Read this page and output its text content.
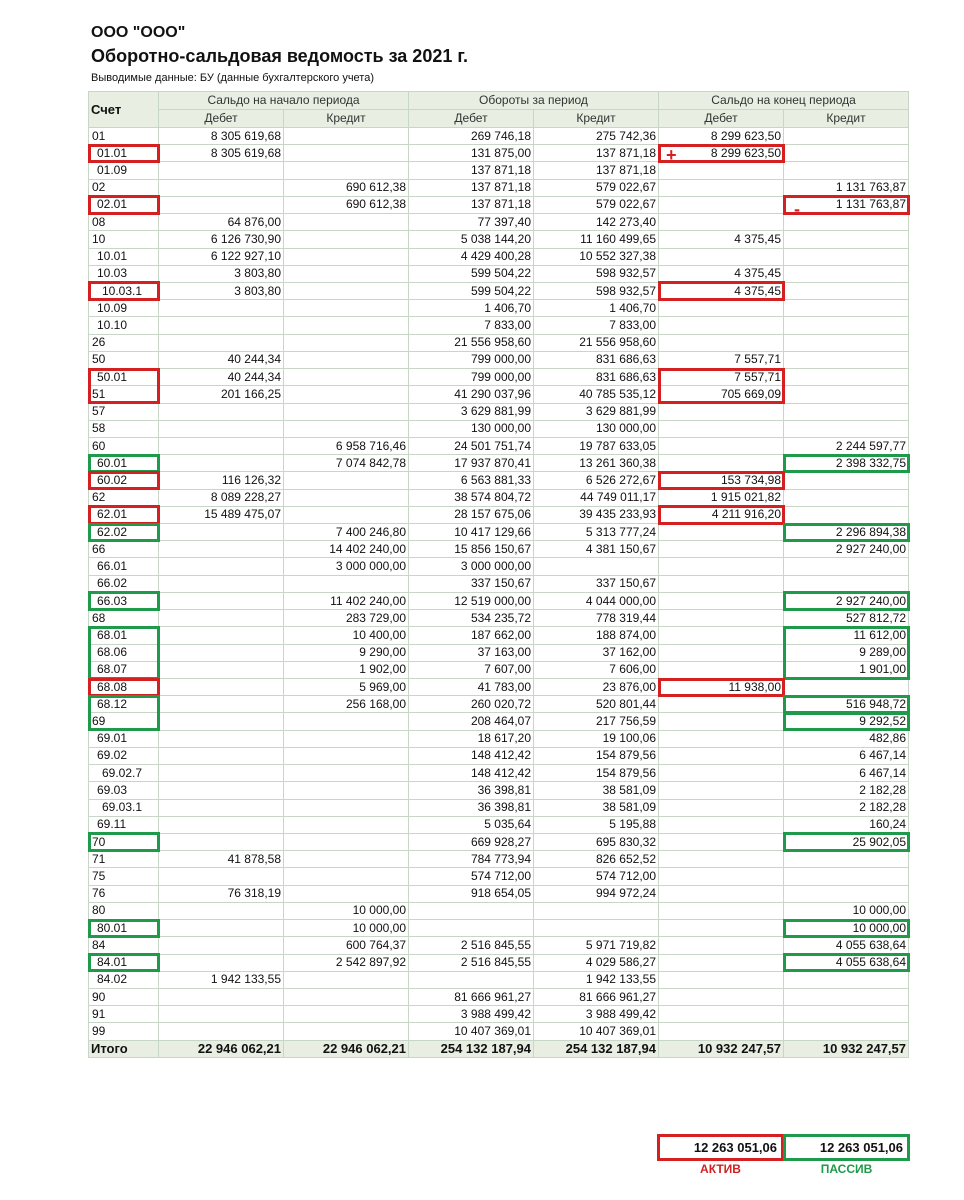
ООО "ООО"
Оборотно-сальдовая ведомость за 2021 г.
Выводимые данные: БУ (данные бухгалтерского учета)
Счет	Сальдо на начало периода		Обороты за период		Сальдо на конец периода	
	Дебет	Кредит	Дебет	Кредит	Дебет	Кредит
01	8 305 619,68		269 746,18	275 742,36	8 299 623,50	
01.01	8 305 619,68		131 875,00	137 871,18	8 299 623,50	
01.09			137 871,18	137 871,18		
02		690 612,38	137 871,18	579 022,67		1 131 763,87
02.01		690 612,38	137 871,18	579 022,67		1 131 763,87
08	64 876,00		77 397,40	142 273,40		
10	6 126 730,90		5 038 144,20	11 160 499,65	4 375,45	
10.01	6 122 927,10		4 429 400,28	10 552 327,38		
10.03	3 803,80		599 504,22	598 932,57	4 375,45	
10.03.1	3 803,80		599 504,22	598 932,57	4 375,45	
10.09			1 406,70	1 406,70		
10.10			7 833,00	7 833,00		
26			21 556 958,60	21 556 958,60		
50	40 244,34		799 000,00	831 686,63	7 557,71	
50.01	40 244,34		799 000,00	831 686,63	7 557,71	
51	201 166,25		41 290 037,96	40 785 535,12	705 669,09	
57			3 629 881,99	3 629 881,99		
58			130 000,00	130 000,00		
60		6 958 716,46	24 501 751,74	19 787 633,05		2 244 597,77
60.01		7 074 842,78	17 937 870,41	13 261 360,38		2 398 332,75
60.02	116 126,32		6 563 881,33	6 526 272,67	153 734,98	
62	8 089 228,27		38 574 804,72	44 749 011,17	1 915 021,82	
62.01	15 489 475,07		28 157 675,06	39 435 233,93	4 211 916,20	
62.02		7 400 246,80	10 417 129,66	5 313 777,24		2 296 894,38
66		14 402 240,00	15 856 150,67	4 381 150,67		2 927 240,00
66.01		3 000 000,00	3 000 000,00			
66.02			337 150,67	337 150,67		
66.03		11 402 240,00	12 519 000,00	4 044 000,00		2 927 240,00
68		283 729,00	534 235,72	778 319,44		527 812,72
68.01		10 400,00	187 662,00	188 874,00		11 612,00
68.06		9 290,00	37 163,00	37 162,00		9 289,00
68.07		1 902,00	7 607,00	7 606,00		1 901,00
68.08		5 969,00	41 783,00	23 876,00	11 938,00	
68.12		256 168,00	260 020,72	520 801,44		516 948,72
69			208 464,07	217 756,59		9 292,52
69.01			18 617,20	19 100,06		482,86
69.02			148 412,42	154 879,56		6 467,14
69.02.7			148 412,42	154 879,56		6 467,14
69.03			36 398,81	38 581,09		2 182,28
69.03.1			36 398,81	38 581,09		2 182,28
69.11			5 035,64	5 195,88		160,24
70			669 928,27	695 830,32		25 902,05
71	41 878,58		784 773,94	826 652,52		
75			574 712,00	574 712,00		
76	76 318,19		918 654,05	994 972,24		
80		10 000,00				10 000,00
80.01		10 000,00				10 000,00
84		600 764,37	2 516 845,55	5 971 719,82		4 055 638,64
84.01		2 542 897,92	2 516 845,55	4 029 586,27		4 055 638,64
84.02	1 942 133,55			1 942 133,55		
90			81 666 961,27	81 666 961,27		
91			3 988 499,42	3 988 499,42		
99			10 407 369,01	10 407 369,01		
Итого	22 946 062,21	22 946 062,21	254 132 187,94	254 132 187,94	10 932 247,57	10 932 247,57
+
-
12 263 051,06	12 263 051,06
АКТИВ	ПАССИВ
